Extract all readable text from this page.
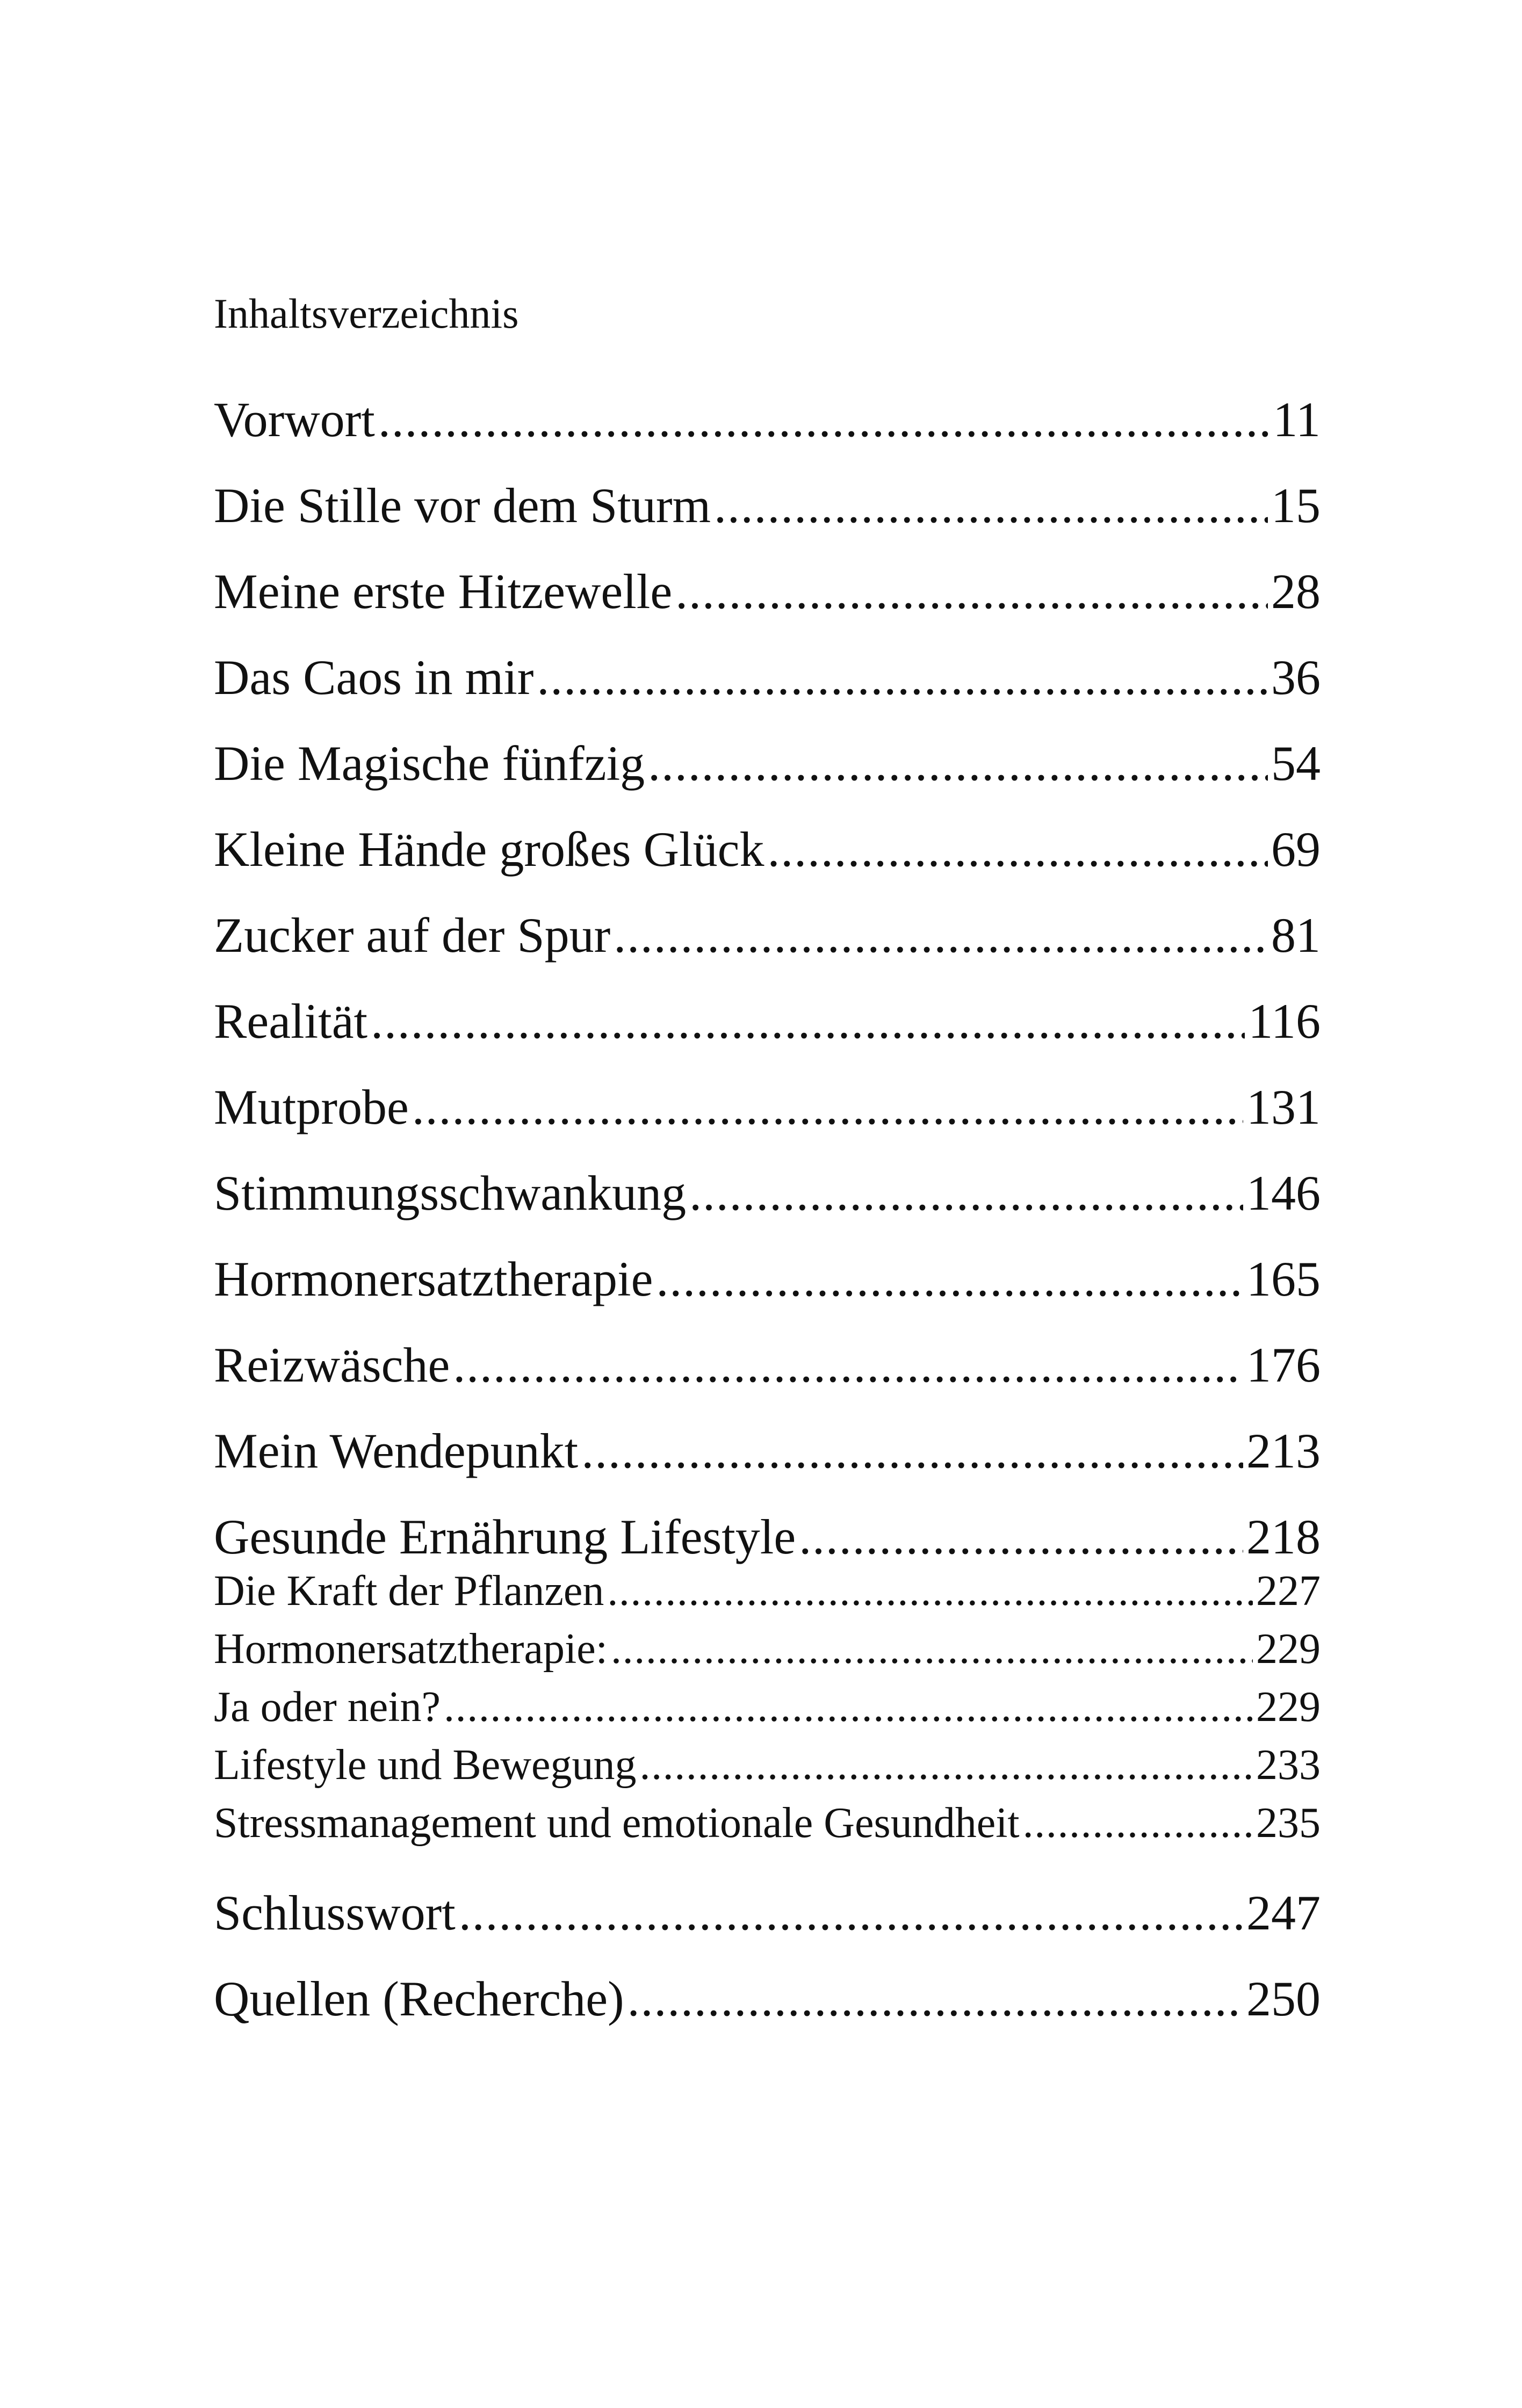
Inhaltsverzeichnis
Vorwort .....	11
Die Stille vor dem Sturm .....	15
Meine erste Hitzewelle .....	28
Das Caos in mir .....	36
Die Magische fünfzig .....	54
Kleine Hände großes Glück .....	69
Zucker auf der Spur .....	81
Realität .....	116
Mutprobe .....	131
Stimmungsschwankung .....	146
Hormonersatztherapie .....	165
Reizwäsche .....	176
Mein Wendepunkt .....	213
Gesunde Ernährung Lifestyle .....	218
Die Kraft der Pflanzen .....	227
Hormonersatztherapie: .....	229
Ja oder nein? .....	229
Lifestyle und Bewegung .....	233
Stressmanagement und emotionale Gesundheit .....	235
Schlusswort .....	247
Quellen (Recherche) .....	250
